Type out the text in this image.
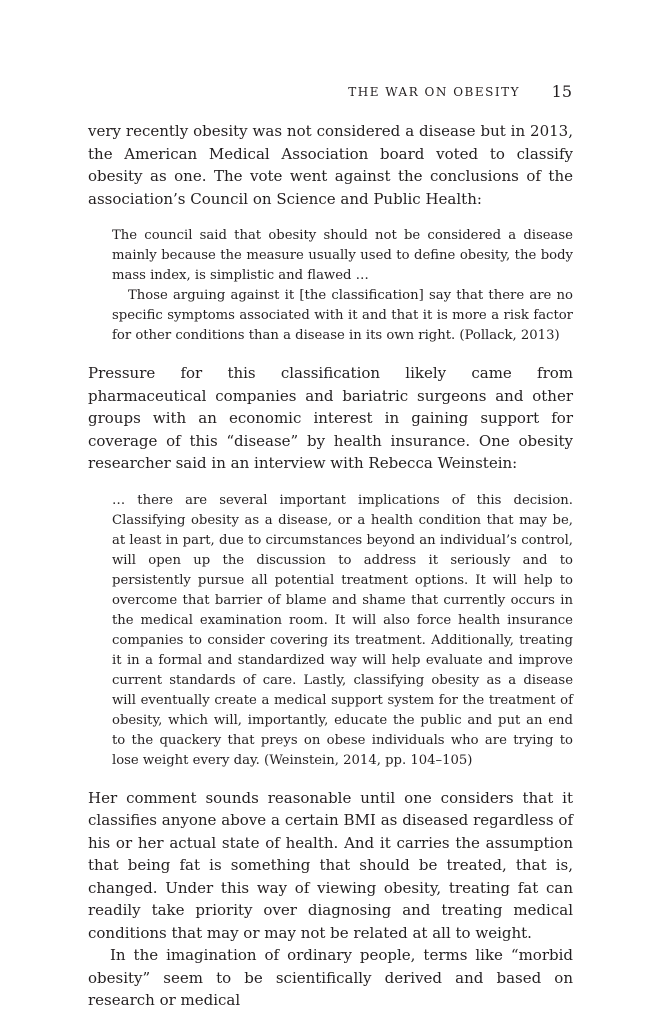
THE WAR ON OBESITY 15

very recently obesity was not considered a disease but in 2013, the American Medical Association board voted to classify obesity as one. The vote went against the conclusions of the association’s Council on Science and Public Health:

The council said that obesity should not be considered a disease mainly because the measure usually used to define obesity, the body mass index, is simplistic and flawed …

Those arguing against it [the classification] say that there are no specific symptoms associated with it and that it is more a risk factor for other conditions than a disease in its own right. (Pollack, 2013)

Pressure for this classification likely came from pharmaceutical companies and bariatric surgeons and other groups with an economic interest in gaining support for coverage of this “disease” by health insurance. One obesity researcher said in an interview with Rebecca Weinstein:

… there are several important implications of this decision. Classifying obesity as a disease, or a health condition that may be, at least in part, due to circumstances beyond an individual’s control, will open up the discussion to address it seriously and to persistently pursue all potential treatment options. It will help to overcome that barrier of blame and shame that currently occurs in the medical examination room. It will also force health insurance companies to consider covering its treatment. Additionally, treating it in a formal and standardized way will help evaluate and improve current standards of care. Lastly, classifying obesity as a disease will eventually create a medical support system for the treatment of obesity, which will, importantly, educate the public and put an end to the quackery that preys on obese individuals who are trying to lose weight every day. (Weinstein, 2014, pp. 104–105)

Her comment sounds reasonable until one considers that it classifies anyone above a certain BMI as diseased regardless of his or her actual state of health. And it carries the assumption that being fat is something that should be treated, that is, changed. Under this way of viewing obesity, treating fat can readily take priority over diagnosing and treating medical conditions that may or may not be related at all to weight.

In the imagination of ordinary people, terms like “morbid obesity” seem to be scientifically derived and based on research or medical
